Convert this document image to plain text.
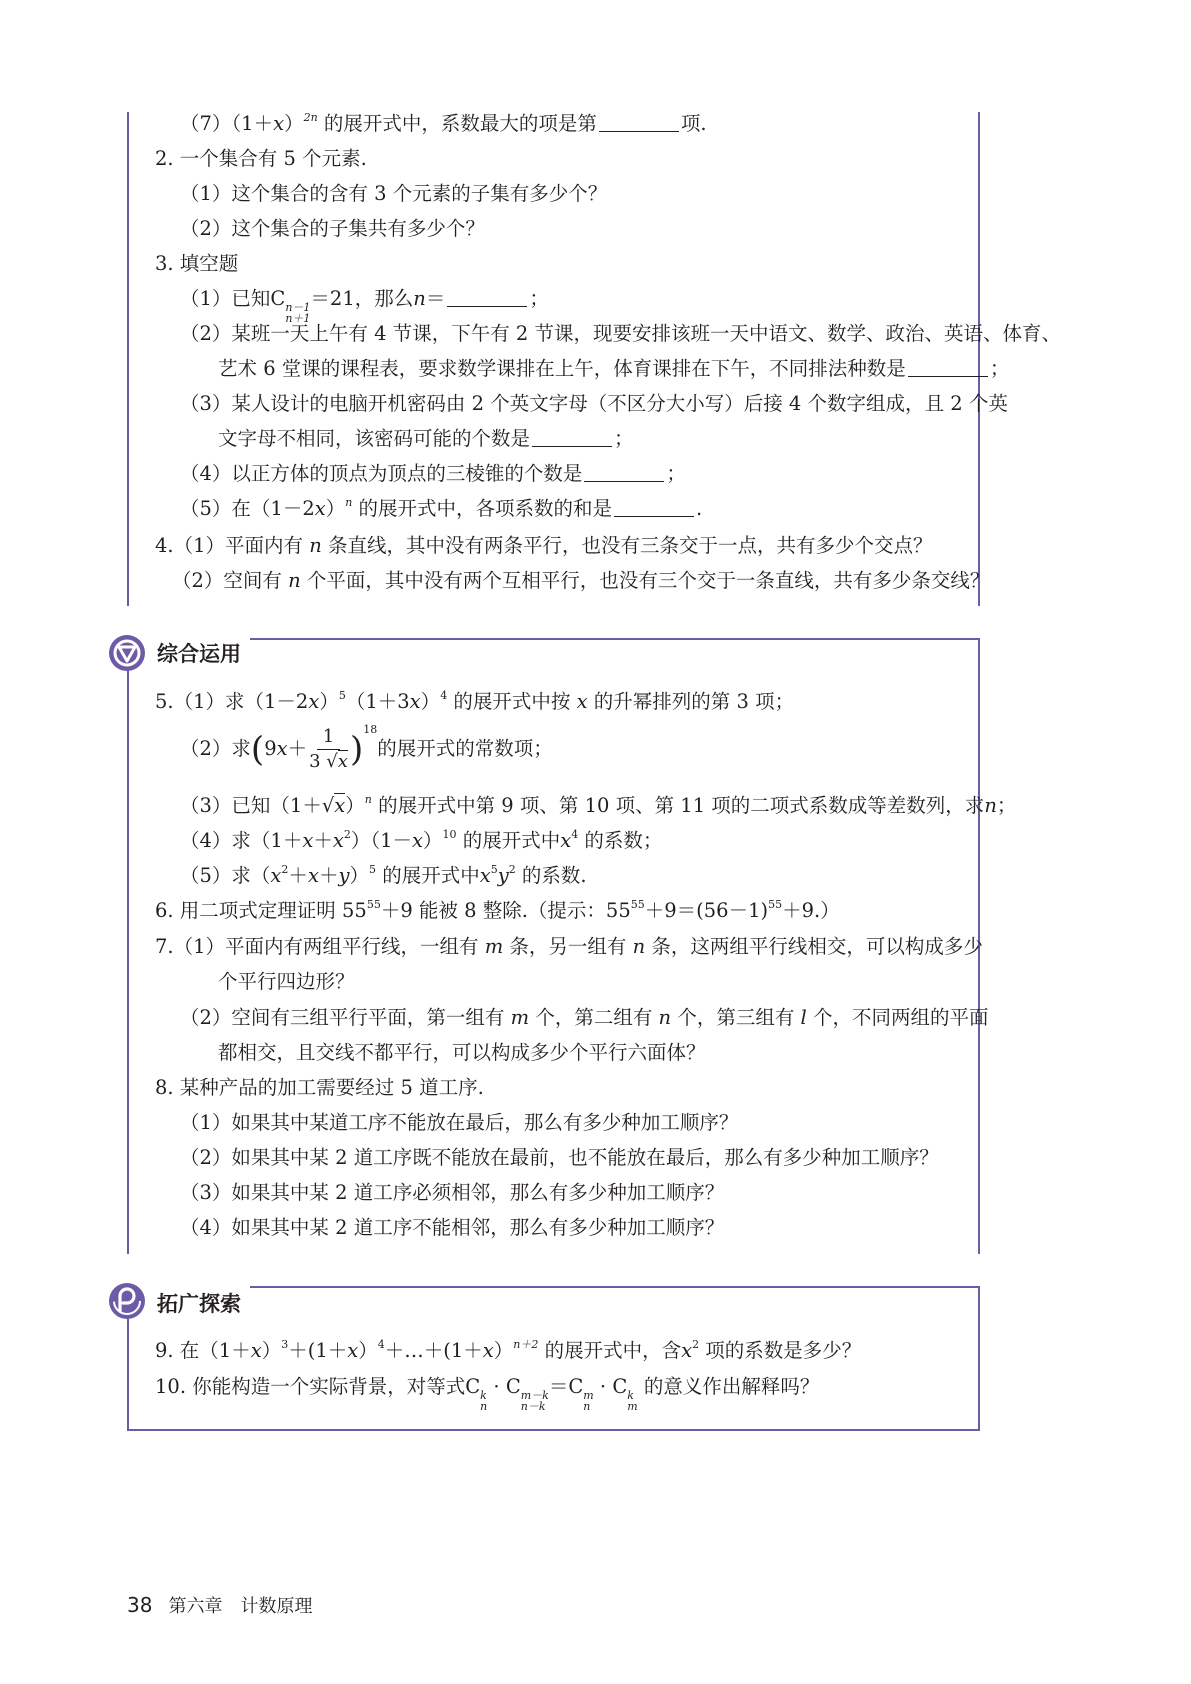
$(7)(1+x)^{2n}$ 的展开式中，系数最大的项是第	项.
2. 一个集合有 5 个元素.
（1）这个集合的含有 3 个元素的子集有多少个？
（2）这个集合的子集共有多少个？
3. 填空题
（1）已知C n－1
n＋1
＝21，那么n＝	；
（2）某班一天上午有 4 节课，下午有 2 节课，现要安排该班一天中语文、数学、政治、英语、体育、
艺术 6 堂课的课程表，要求数学课排在上午，体育课排在下午，不同排法种数是	；
（3）某人设计的电脑开机密码由 2 个英文字母（不区分大小写）后接 4 个数字组成，且 2 个英
文字母不相同，该密码可能的个数是	；
（4）以正方体的顶点为顶点的三棱锥的个数是	；
（5）在$(1-2x)^n$ 的展开式中，各项系数的和是	.
4.（1）平面内有 n 条直线，其中没有两条平行，也没有三条交于一点，共有多少个交点？
（2）空间有 n 个平面，其中没有两个互相平行，也没有三个交于一条直线，共有多少条交线？
综合运用
5.（1）求$(1-2x)^5(1+3x)^4$ 的展开式中按 x 的升幂排列的第 3 项；
（2）求$(9x+ \frac{1}{3 √x} )^{18}$的展开式的常数项；
（3）已知$(1+√x)^n$ 的展开式中第 9 项、第 10 项、第 11 项的二项式系数成等差数列，求n；
（4）求$(1+x+x^2)(1-x)^{10}$ 的展开式中$x^4$ 的系数；
（5）求$(x^2+x+y)^5$ 的展开式中$x^5y^2$ 的系数.
6. 用二项式定理证明 $55^{55}+9$ 能被 8 整除.（提示：$55^{55}+9=(56-1)^{55}+9$.）
7.（1）平面内有两组平行线，一组有 m 条，另一组有 n 条，这两组平行线相交，可以构成多少
个平行四边形？
（2）空间有三组平行平面，第一组有 m 个，第二组有 n 个，第三组有 l 个，不同两组的平面
都相交，且交线不都平行，可以构成多少个平行六面体？
8. 某种产品的加工需要经过 5 道工序.
（1）如果其中某道工序不能放在最后，那么有多少种加工顺序？
（2）如果其中某 2 道工序既不能放在最前，也不能放在最后，那么有多少种加工顺序？
（3）如果其中某 2 道工序必须相邻，那么有多少种加工顺序？
（4）如果其中某 2 道工序不能相邻，那么有多少种加工顺序？
拓广探索
9. 在$(1+x)^3+(1+x)^4+\dots+(1+x)^{n+2}$ 的展开式中，含$x^2$ 项的系数是多少？
10. 你能构造一个实际背景，对等式C k
n
· C m－k
n－k
＝C m
n
· C k
m
的意义作出解释吗？
38 第六章　计数原理
